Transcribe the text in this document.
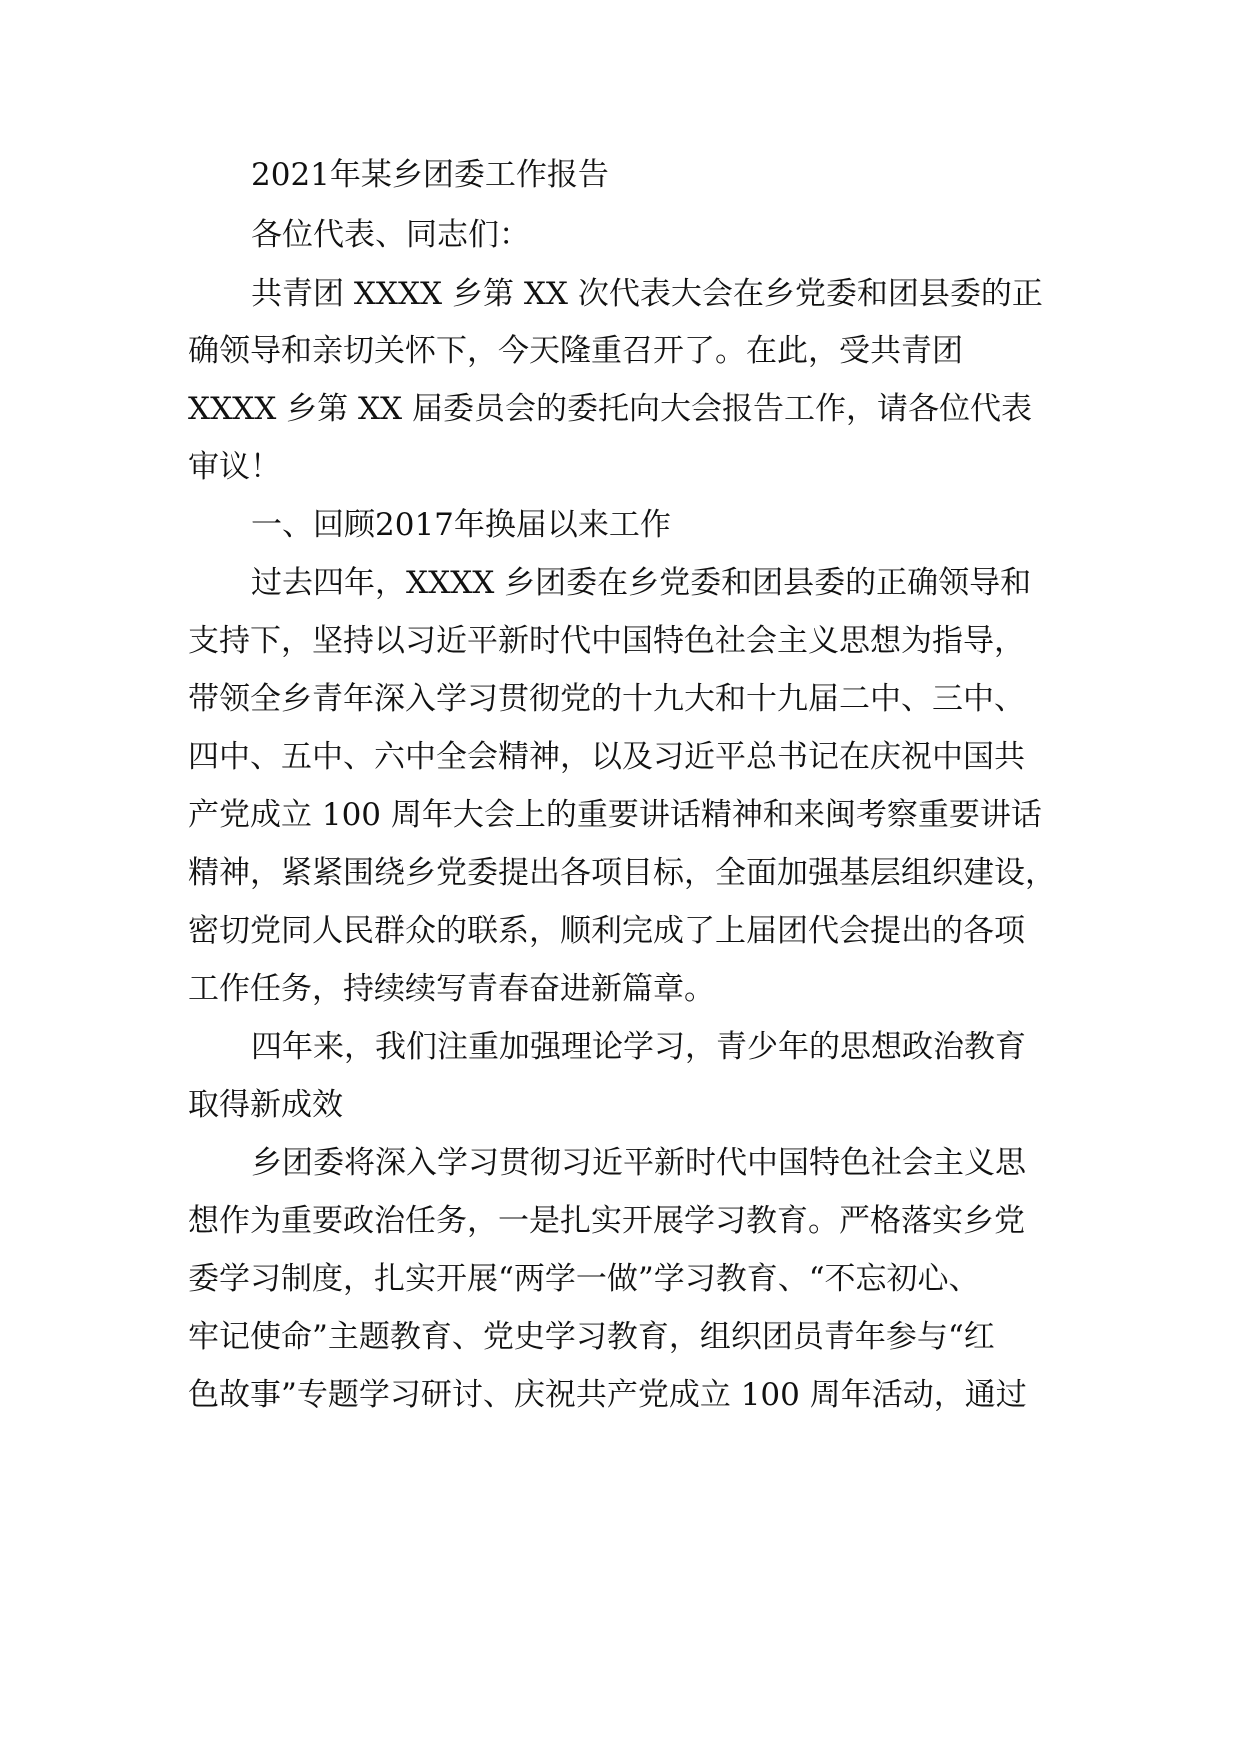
2021年某乡团委工作报告
各位代表、同志们：
共青团 XXXX 乡第 XX 次代表大会在乡党委和团县委的正
确领导和亲切关怀下，今天隆重召开了。在此，受共青团
XXXX 乡第 XX 届委员会的委托向大会报告工作，请各位代表
审议！
一、回顾2017年换届以来工作
过去四年，XXXX 乡团委在乡党委和团县委的正确领导和
支持下，坚持以习近平新时代中国特色社会主义思想为指导，
带领全乡青年深入学习贯彻党的十九大和十九届二中、三中、
四中、五中、六中全会精神，以及习近平总书记在庆祝中国共
产党成立 100 周年大会上的重要讲话精神和来闽考察重要讲话
精神，紧紧围绕乡党委提出各项目标，全面加强基层组织建设，
密切党同人民群众的联系，顺利完成了上届团代会提出的各项
工作任务，持续续写青春奋进新篇章。
四年来，我们注重加强理论学习，青少年的思想政治教育
取得新成效
乡团委将深入学习贯彻习近平新时代中国特色社会主义思
想作为重要政治任务，一是扎实开展学习教育。严格落实乡党
委学习制度，扎实开展“两学一做”学习教育、“不忘初心、
牢记使命”主题教育、党史学习教育，组织团员青年参与“红
色故事”专题学习研讨、庆祝共产党成立 100 周年活动，通过
